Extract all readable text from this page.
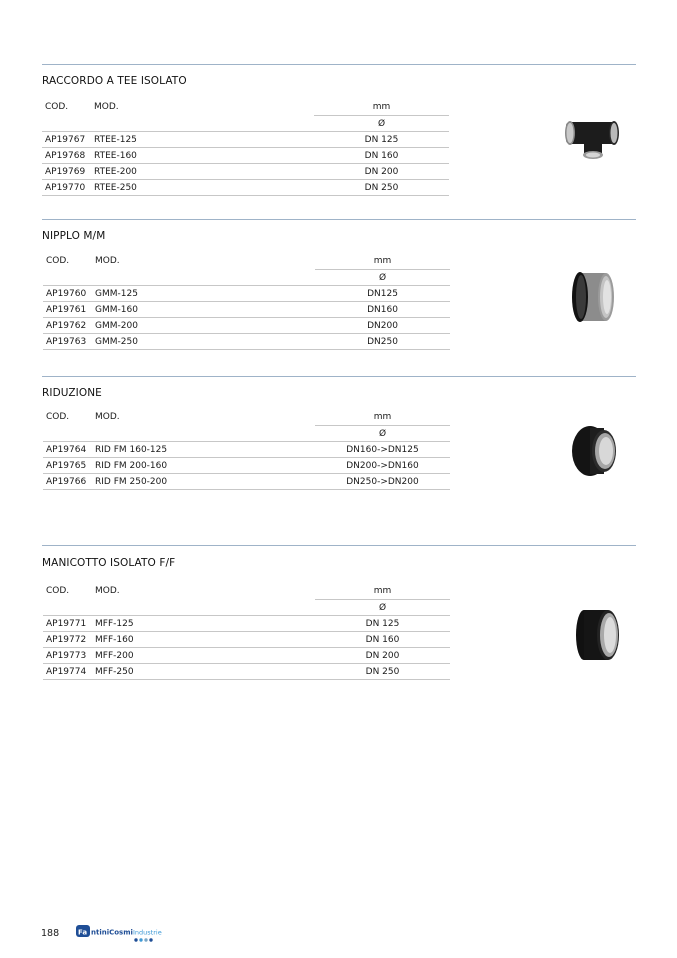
RACCORDO A TEE ISOLATO
COD.	MOD.	mm
		Ø
AP19767	RTEE-125	DN 125
AP19768	RTEE-160	DN 160
AP19769	RTEE-200	DN 200
AP19770	RTEE-250	DN 250
NIPPLO M/M
COD.	MOD.	mm
		Ø
AP19760	GMM-125	DN125
AP19761	GMM-160	DN160
AP19762	GMM-200	DN200
AP19763	GMM-250	DN250
RIDUZIONE
COD.	MOD.	mm
		Ø
AP19764	RID FM 160-125	DN160->DN125
AP19765	RID FM 200-160	DN200->DN160
AP19766	RID FM 250-200	DN250->DN200
MANICOTTO ISOLATO F/F
COD.	MOD.	mm
		Ø
AP19771	MFF-125	DN 125
AP19772	MFF-160	DN 160
AP19773	MFF-200	DN 200
AP19774	MFF-250	DN 250
188	Fa ntiniCosmi Industrie
